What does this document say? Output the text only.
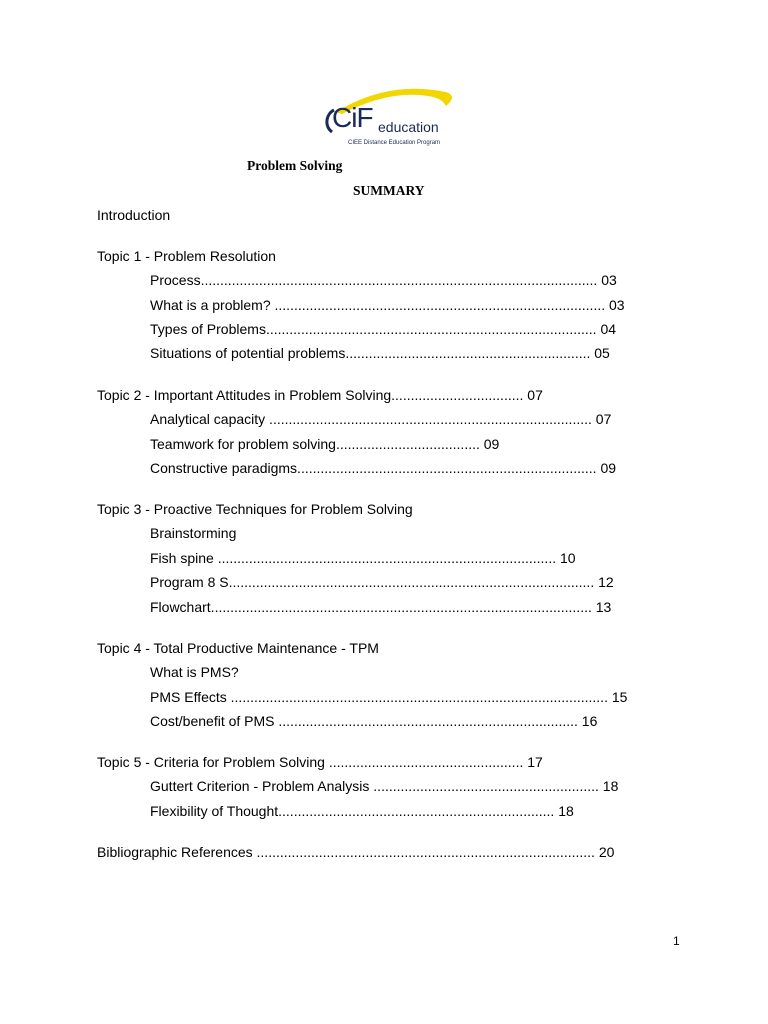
CiF education
CIEE Distance Education Program
Problem Solving
SUMMARY
Introduction
Topic 1 - Problem Resolution
Process...................................................................................................... 03
What is a problem? ..................................................................................... 03
Types of Problems..................................................................................... 04
Situations of potential problems............................................................... 05
Topic 2 - Important Attitudes in Problem Solving.................................. 07
Analytical capacity ................................................................................... 07
Teamwork for problem solving..................................... 09
Constructive paradigms............................................................................. 09
Topic 3 - Proactive Techniques for Problem Solving
Brainstorming
Fish spine ....................................................................................... 10
Program 8 S.............................................................................................. 12
Flowchart.................................................................................................. 13
Topic 4 - Total Productive Maintenance - TPM
What is PMS?
PMS Effects ................................................................................................. 15
Cost/benefit of PMS ............................................................................. 16
Topic 5 - Criteria for Problem Solving .................................................. 17
Guttert Criterion - Problem Analysis .......................................................... 18
Flexibility of Thought....................................................................... 18
Bibliographic References ....................................................................................... 20
1
